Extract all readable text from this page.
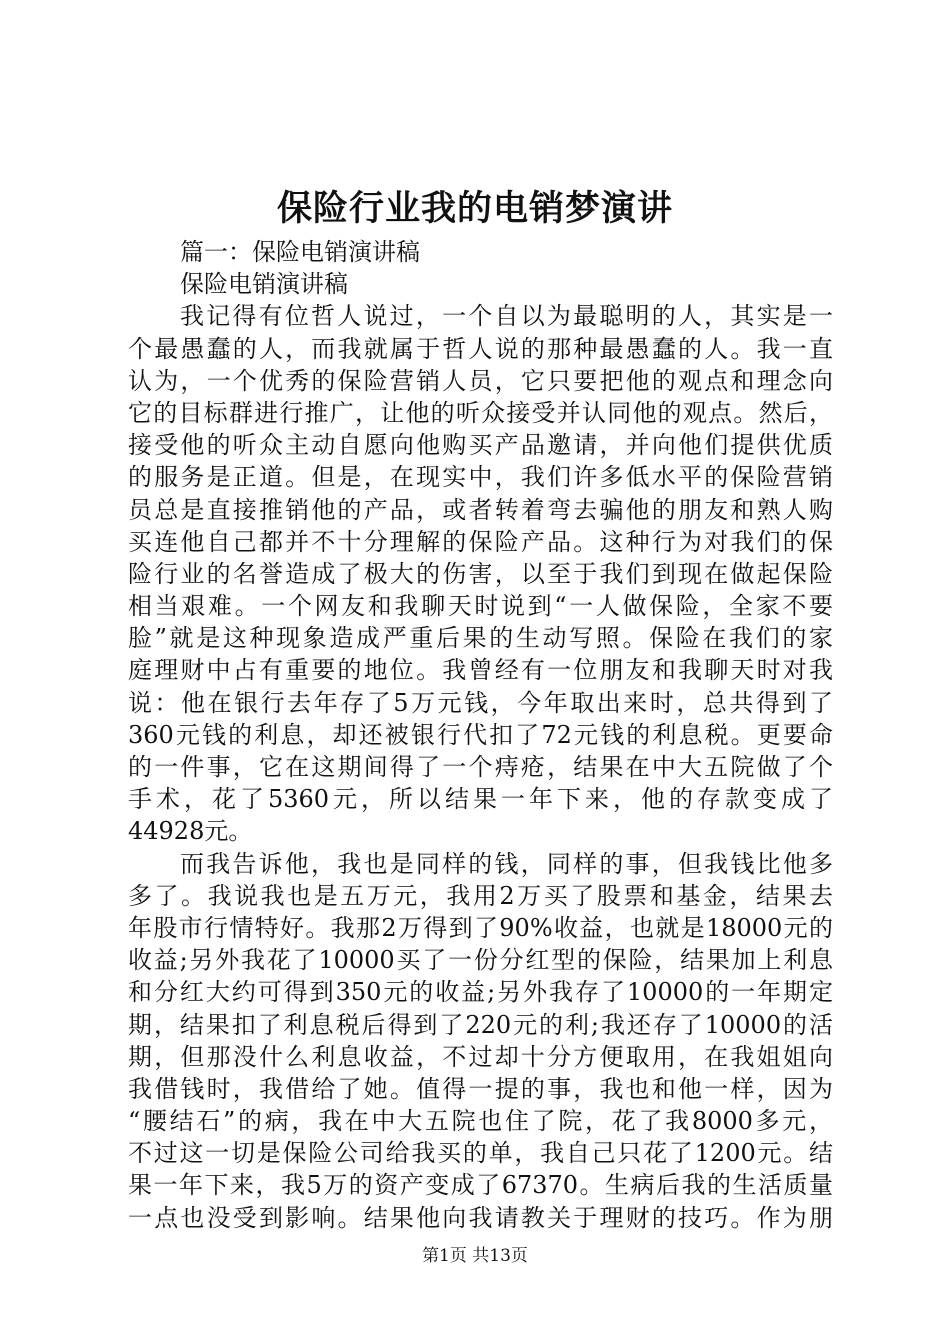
保险行业我的电销梦演讲
篇一：保险电销演讲稿
保险电销演讲稿
我记得有位哲人说过，一个自以为最聪明的人，其实是一
个最愚蠢的人，而我就属于哲人说的那种最愚蠢的人。我一直
认为，一个优秀的保险营销人员，它只要把他的观点和理念向
它的目标群进行推广，让他的听众接受并认同他的观点。然后，
接受他的听众主动自愿向他购买产品邀请，并向他们提供优质
的服务是正道。但是，在现实中，我们许多低水平的保险营销
员总是直接推销他的产品，或者转着弯去骗他的朋友和熟人购
买连他自己都并不十分理解的保险产品。这种行为对我们的保
险行业的名誉造成了极大的伤害，以至于我们到现在做起保险
相当艰难。一个网友和我聊天时说到“一人做保险，全家不要
脸”就是这种现象造成严重后果的生动写照。保险在我们的家
庭理财中占有重要的地位。我曾经有一位朋友和我聊天时对我
说：他在银行去年存了5万元钱，今年取出来时，总共得到了
360元钱的利息，却还被银行代扣了72元钱的利息税。更要命
的一件事，它在这期间得了一个痔疮，结果在中大五院做了个
手术，花了5360元，所以结果一年下来，他的存款变成了
44928元。
而我告诉他，我也是同样的钱，同样的事，但我钱比他多
多了。我说我也是五万元，我用2万买了股票和基金，结果去
年股市行情特好。我那2万得到了90%收益，也就是18000元的
收益;另外我花了10000买了一份分红型的保险，结果加上利息
和分红大约可得到350元的收益;另外我存了10000的一年期定
期，结果扣了利息税后得到了220元的利;我还存了10000的活
期，但那没什么利息收益，不过却十分方便取用，在我姐姐向
我借钱时，我借给了她。值得一提的事，我也和他一样，因为
“腰结石”的病，我在中大五院也住了院，花了我8000多元，
不过这一切是保险公司给我买的单，我自己只花了1200元。结
果一年下来，我5万的资产变成了67370。生病后我的生活质量
一点也没受到影响。结果他向我请教关于理财的技巧。作为朋
第1页 共13页
